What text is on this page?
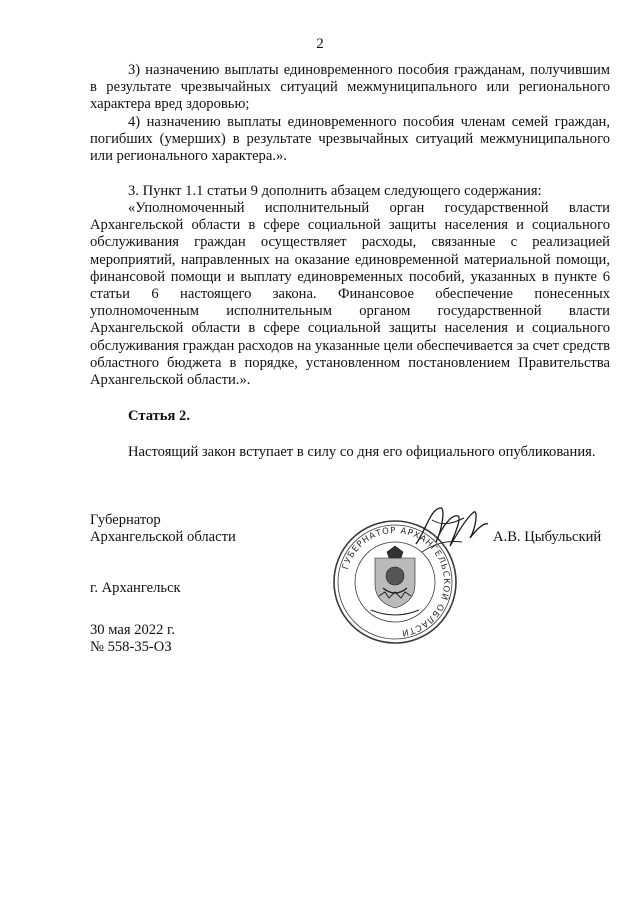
2

3) назначению выплаты единовременного пособия гражданам, получившим в результате чрезвычайных ситуаций межмуниципального или регионального характера вред здоровью;

4) назначению выплаты единовременного пособия членам семей граждан, погибших (умерших) в результате чрезвычайных ситуаций межмуниципального или регионального характера.».

3. Пункт 1.1 статьи 9 дополнить абзацем следующего содержания:

«Уполномоченный исполнительный орган государственной власти Архангельской области в сфере социальной защиты населения и социального обслуживания граждан осуществляет расходы, связанные с реализацией мероприятий, направленных на оказание единовременной материальной помощи, финансовой помощи и выплату единовременных пособий, указанных в пункте 6 статьи 6 настоящего закона. Финансовое обеспечение понесенных уполномоченным исполнительным органом государственной власти Архангельской области в сфере социальной защиты населения и социального обслуживания граждан расходов на указанные цели обеспечивается за счет средств областного бюджета в порядке, установленном постановлением Правительства Архангельской области.».

Статья 2.

Настоящий закон вступает в силу со дня его официального опубликования.

Губернатор
Архангельской области	А.В. Цыбульский
ГУБЕРНАТОР АРХАНГЕЛЬСКОЙ ОБЛАСТИ
г. Архангельск
30 мая 2022 г.
№ 558-35-ОЗ
